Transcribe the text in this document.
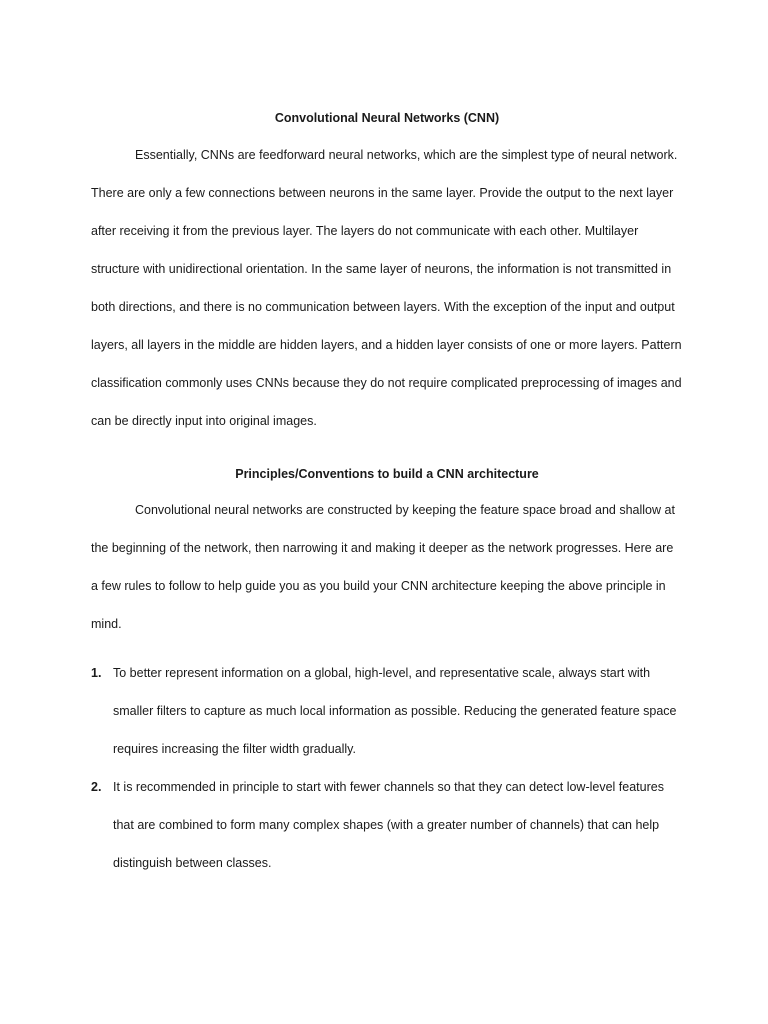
Convolutional Neural Networks (CNN)

Essentially, CNNs are feedforward neural networks, which are the simplest type of neural network. There are only a few connections between neurons in the same layer. Provide the output to the next layer after receiving it from the previous layer. The layers do not communicate with each other. Multilayer structure with unidirectional orientation. In the same layer of neurons, the information is not transmitted in both directions, and there is no communication between layers. With the exception of the input and output layers, all layers in the middle are hidden layers, and a hidden layer consists of one or more layers. Pattern classification commonly uses CNNs because they do not require complicated preprocessing of images and can be directly input into original images.

Principles/Conventions to build a CNN architecture

Convolutional neural networks are constructed by keeping the feature space broad and shallow at the beginning of the network, then narrowing it and making it deeper as the network progresses. Here are a few rules to follow to help guide you as you build your CNN architecture keeping the above principle in mind.

1. To better represent information on a global, high-level, and representative scale, always start with smaller filters to capture as much local information as possible. Reducing the generated feature space requires increasing the filter width gradually.
2. It is recommended in principle to start with fewer channels so that they can detect low-level features that are combined to form many complex shapes (with a greater number of channels) that can help distinguish between classes.
